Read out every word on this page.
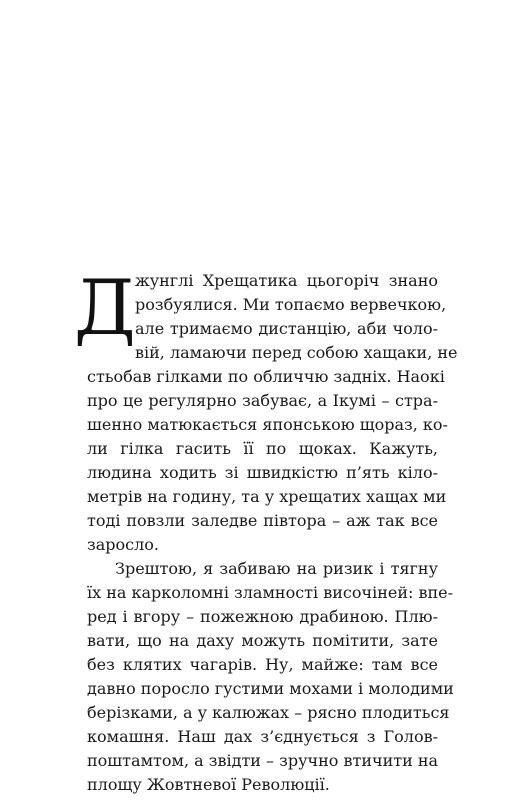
Д жунглі Хрещатика цьогоріч знано
розбуялися. Ми топаємо вервечкою,
але тримаємо дистанцію, аби чоло-
вій, ламаючи перед собою хащаки, не
стьобав гілками по обличчю задніх. Наокі
про це регулярно забуває, а Ікумі – стра-
шенно матюкається японською щораз, ко-
ли гілка гасить її по щоках. Кажуть,
людина ходить зі швидкістю п’ять кіло-
метрів на годину, та у хрещатих хащах ми
тоді повзли заледве півтора – аж так все
заросло.
Зрештою, я забиваю на ризик і тягну
їх на карколомні зламності височіней: впе-
ред і вгору – пожежною драбиною. Плю-
вати, що на даху можуть помітити, зате
без клятих чагарів. Ну, майже: там все
давно поросло густими мохами і молодими
берізками, а у калюжах – рясно плодиться
комашня. Наш дах з’єднується з Голов-
поштамтом, а звідти – зручно втичити на
площу Жовтневої Революції.
